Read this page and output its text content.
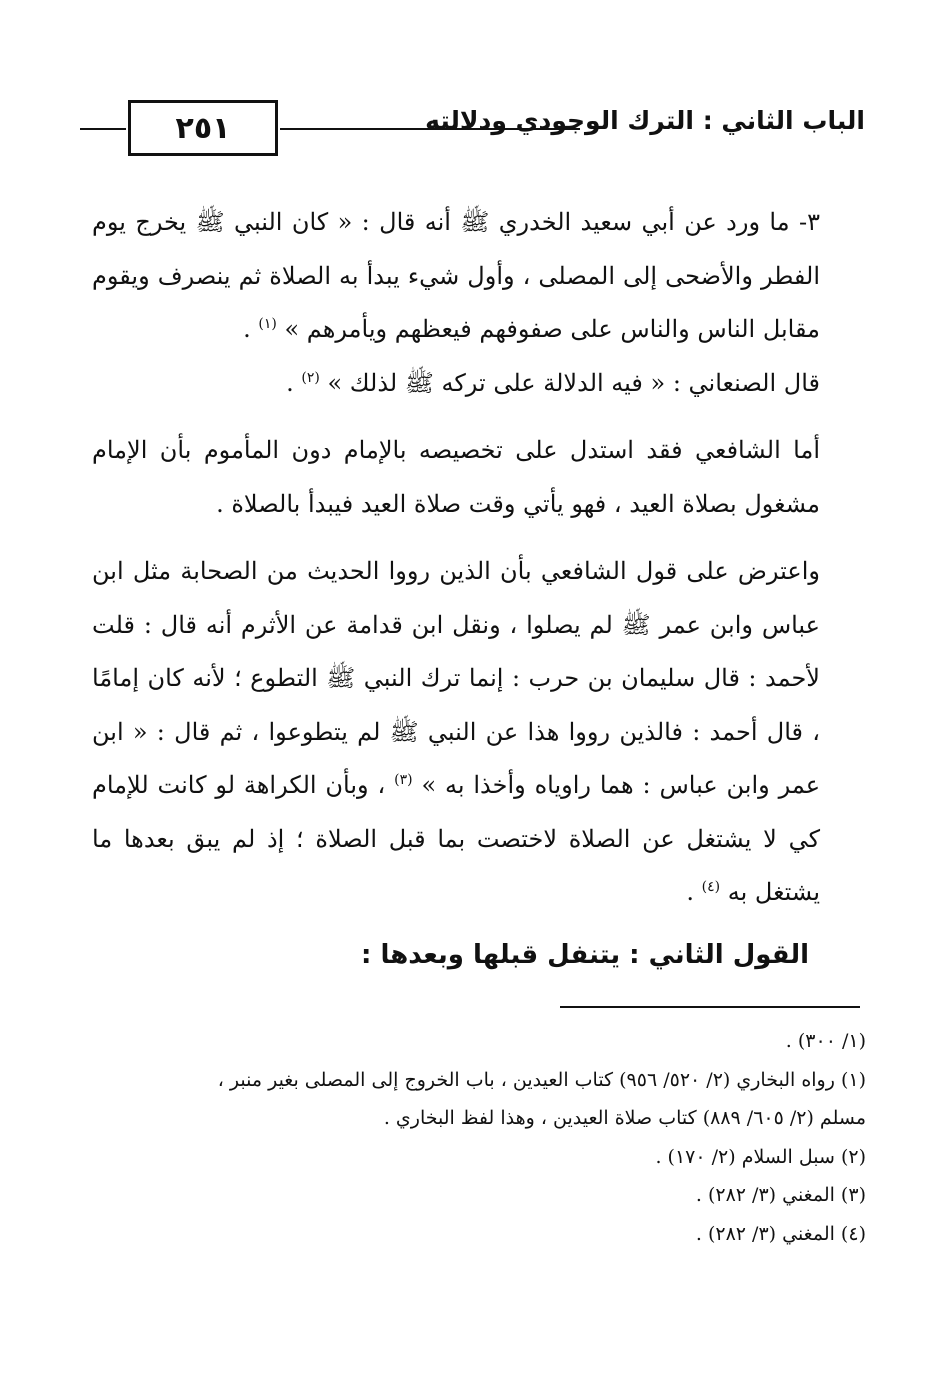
٢٥١	الباب الثاني : الترك الوجودي ودلالته

٣- ما ورد عن أبي سعيد الخدري ﷺ أنه قال : « كان النبي ﷺ يخرج يوم الفطر والأضحى إلى المصلى ، وأول شيء يبدأ به الصلاة ثم ينصرف ويقوم مقابل الناس والناس على صفوفهم فيعظهم ويأمرهم » $^{(١)}$ .

قال الصنعاني : « فيه الدلالة على تركه ﷺ لذلك » $^{(٢)}$ .

أما الشافعي فقد استدل على تخصيصه بالإمام دون المأموم بأن الإمام مشغول بصلاة العيد ، فهو يأتي وقت صلاة العيد فيبدأ بالصلاة .

واعترض على قول الشافعي بأن الذين رووا الحديث من الصحابة مثل ابن عباس وابن عمر ﷺ لم يصلوا ، ونقل ابن قدامة عن الأثرم أنه قال : قلت لأحمد : قال سليمان بن حرب : إنما ترك النبي ﷺ التطوع ؛ لأنه كان إمامًا ، قال أحمد : فالذين رووا هذا عن النبي ﷺ لم يتطوعوا ، ثم قال : « ابن عمر وابن عباس : هما راوياه وأخذا به » $^{(٣)}$ ، وبأن الكراهة لو كانت للإمام كي لا يشتغل عن الصلاة لاختصت بما قبل الصلاة ؛ إذ لم يبق بعدها ما يشتغل به $^{(٤)}$ .

القول الثاني : يتنفل قبلها وبعدها :

(١/ ٣٠٠) .

(١) رواه البخاري (٢/ ٥٢٠/ ٩٥٦) كتاب العيدين ، باب الخروج إلى المصلى بغير منبر ،

مسلم (٢/ ٦٠٥/ ٨٨٩) كتاب صلاة العيدين ، وهذا لفظ البخاري .

(٢) سبل السلام (٢/ ١٧٠) .

(٣) المغني (٣/ ٢٨٢) .

(٤) المغني (٣/ ٢٨٢) .
